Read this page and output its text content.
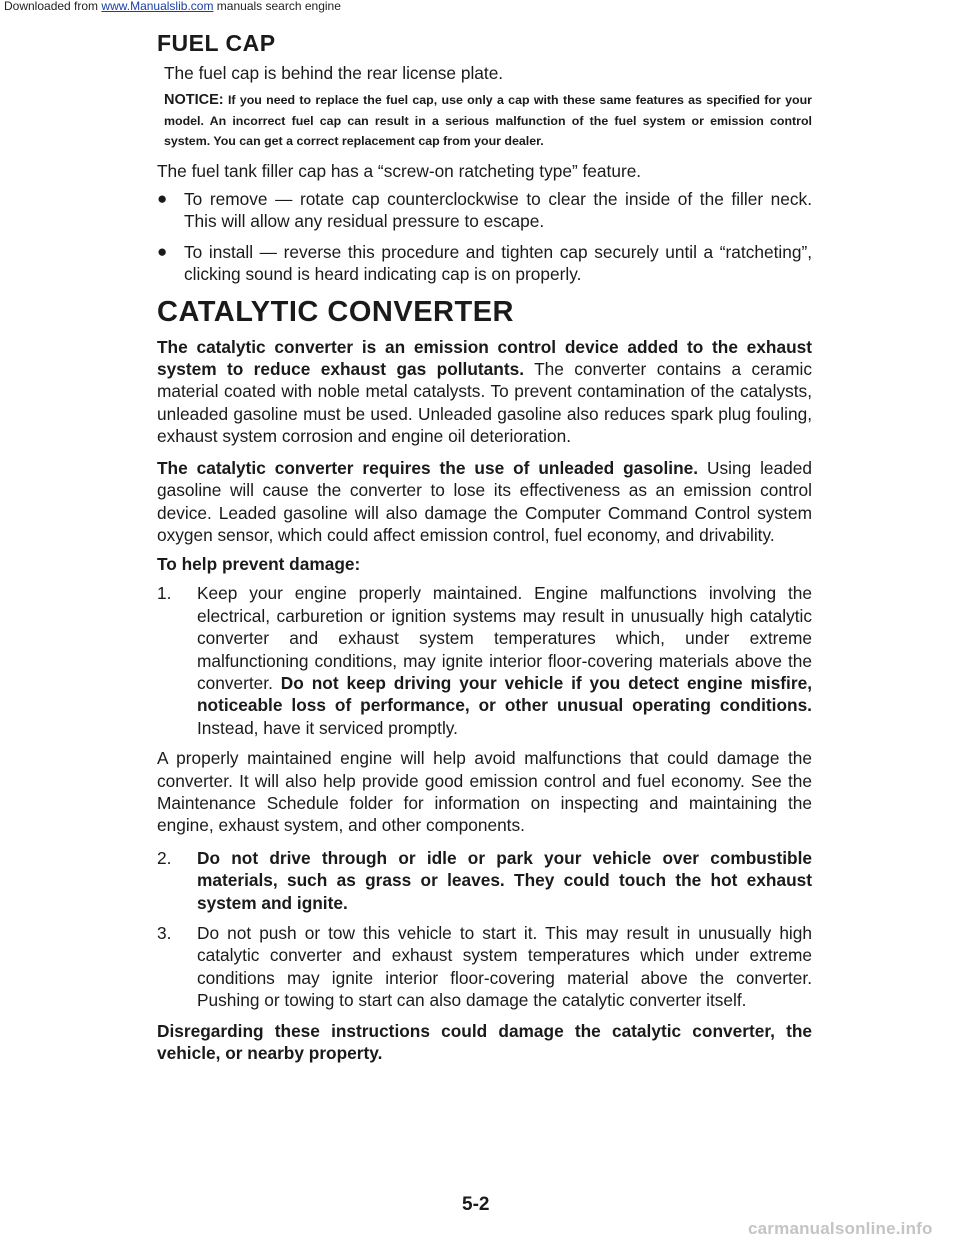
Downloaded from www.Manualslib.com manuals search engine
FUEL CAP

The fuel cap is behind the rear license plate.

NOTICE: If you need to replace the fuel cap, use only a cap with these same features as specified for your model. An incorrect fuel cap can result in a serious malfunction of the fuel system or emission control system. You can get a correct replacement cap from your dealer.

The fuel tank filler cap has a “screw-on ratcheting type” feature.

● To remove — rotate cap counterclockwise to clear the inside of the filler neck. This will allow any residual pressure to escape.
● To install — reverse this procedure and tighten cap securely until a “ratcheting”, clicking sound is heard indicating cap is on properly.
CATALYTIC CONVERTER

The catalytic converter is an emission control device added to the exhaust system to reduce exhaust gas pollutants. The converter contains a ceramic material coated with noble metal catalysts. To prevent contamination of the catalysts, unleaded gasoline must be used. Unleaded gasoline also reduces spark plug fouling, exhaust system corrosion and engine oil deterioration.

The catalytic converter requires the use of unleaded gasoline. Using leaded gasoline will cause the converter to lose its effectiveness as an emission control device. Leaded gasoline will also damage the Computer Command Control system oxygen sensor, which could affect emission control, fuel economy, and drivability.

To help prevent damage:
1. Keep your engine properly maintained. Engine malfunctions involving the electrical, carburetion or ignition systems may result in unusually high catalytic converter and exhaust system temperatures which, under extreme malfunctioning conditions, may ignite interior floor-covering materials above the converter. Do not keep driving your vehicle if you detect engine misfire, noticeable loss of performance, or other unusual operating conditions. Instead, have it serviced promptly.

A properly maintained engine will help avoid malfunctions that could damage the converter. It will also help provide good emission control and fuel economy. See the Maintenance Schedule folder for information on inspecting and maintaining the engine, exhaust system, and other components.

2. Do not drive through or idle or park your vehicle over combustible materials, such as grass or leaves. They could touch the hot exhaust system and ignite.
3. Do not push or tow this vehicle to start it. This may result in unusually high catalytic converter and exhaust system temperatures which under extreme conditions may ignite interior floor-covering material above the converter. Pushing or towing to start can also damage the catalytic converter itself.

Disregarding these instructions could damage the catalytic converter, the vehicle, or nearby property.

5-2
carmanualsonline.info
